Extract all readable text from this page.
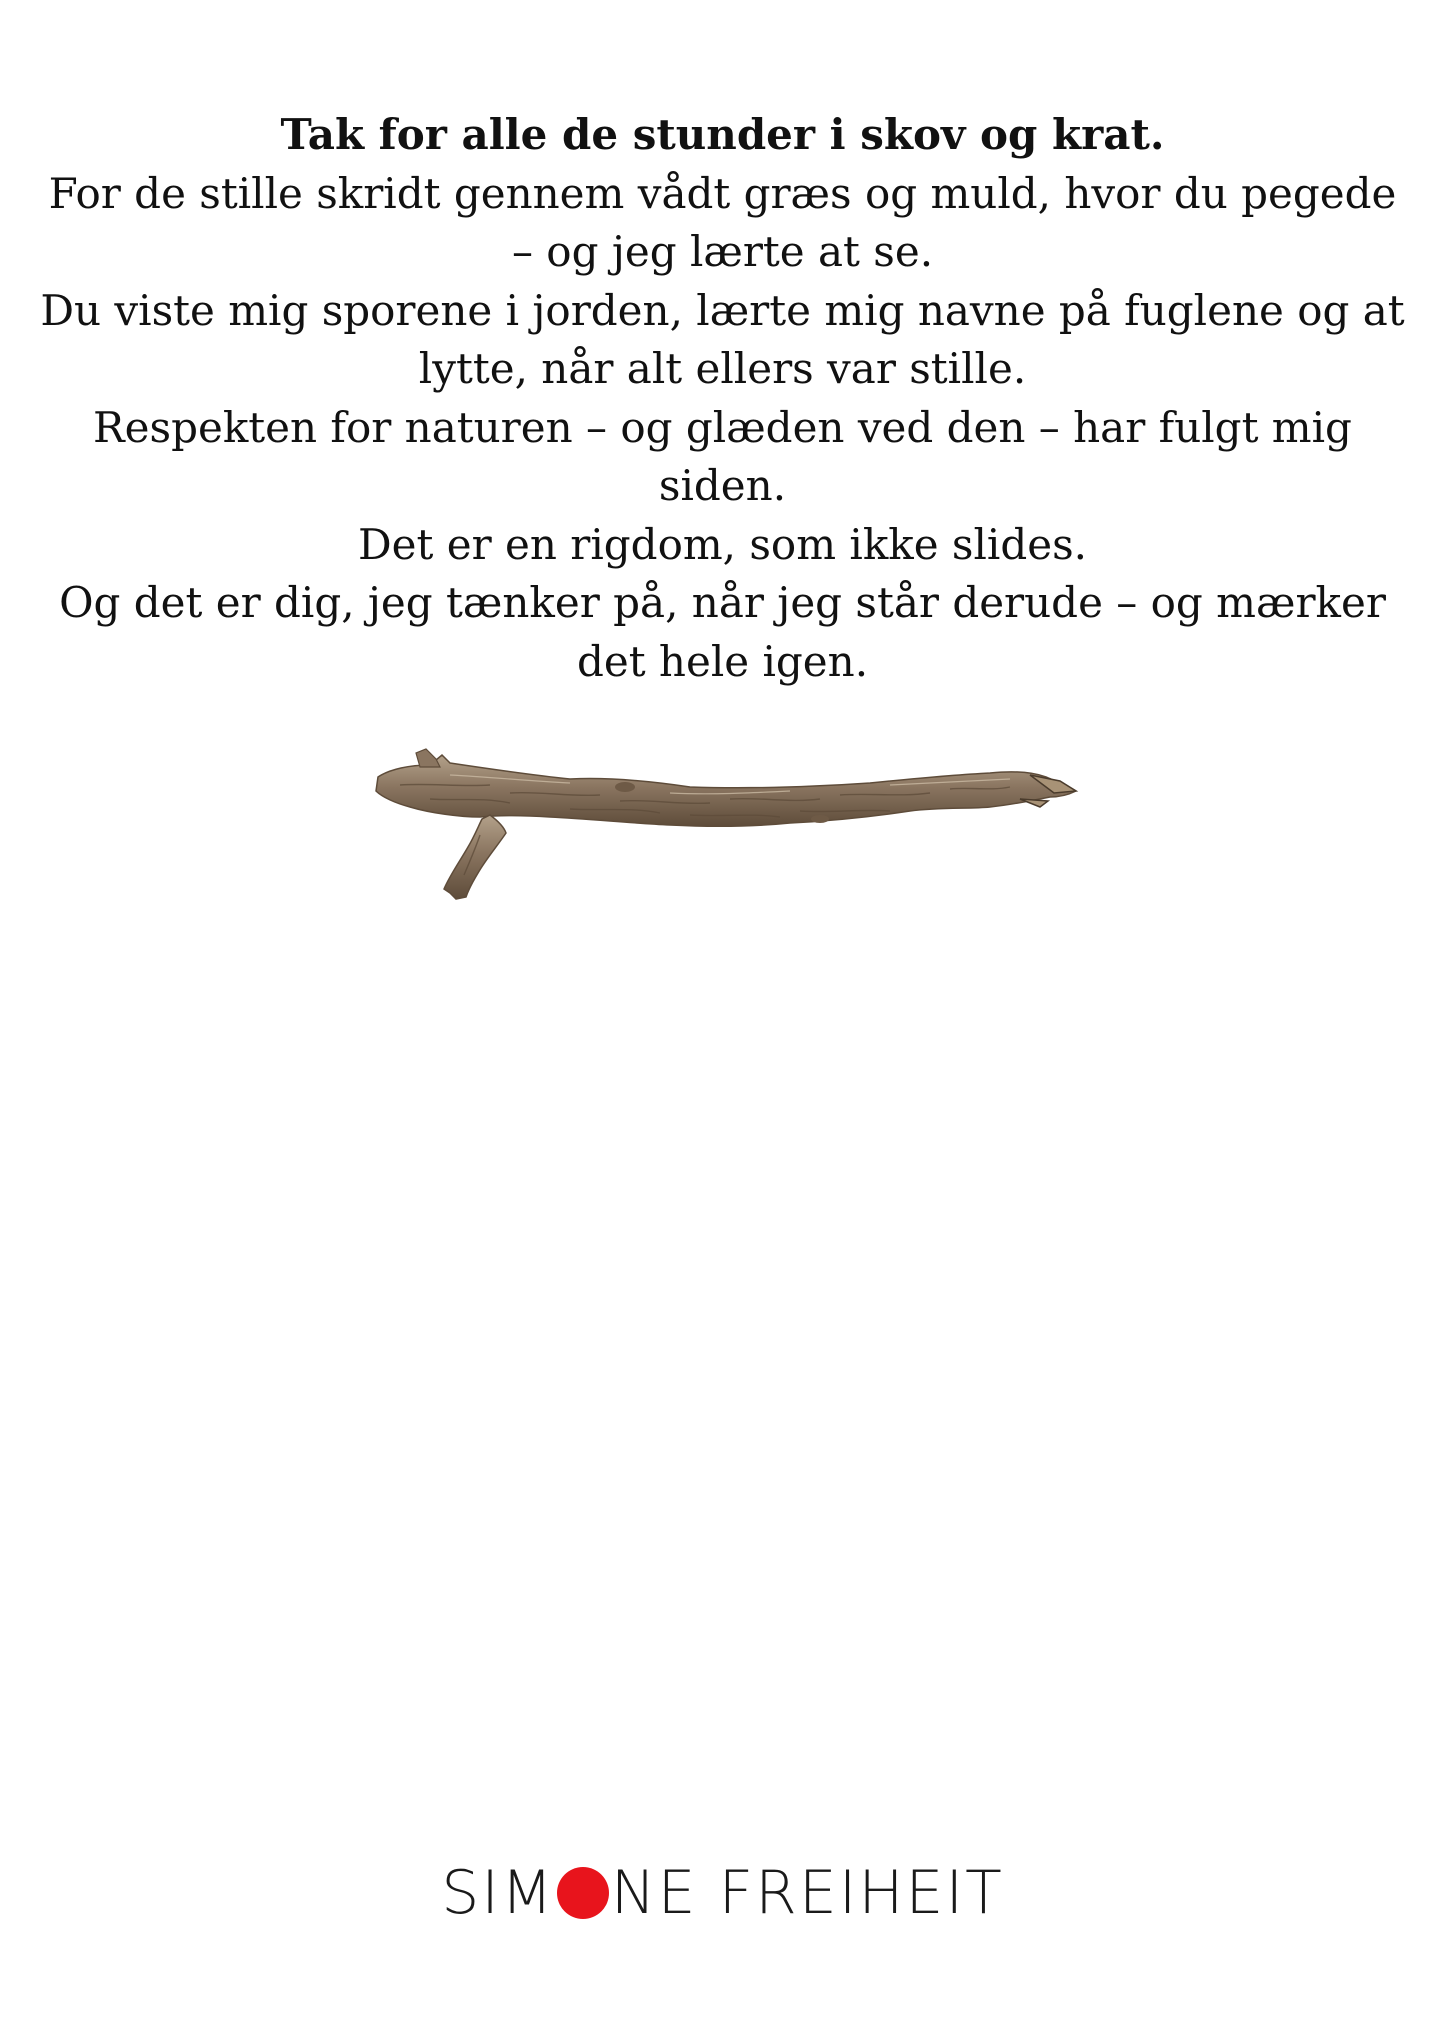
Tak for alle de stunder i skov og krat.

For de stille skridt gennem vådt græs og muld, hvor du pegede – og jeg lærte at se.

Du viste mig sporene i jorden, lærte mig navne på fuglene og at lytte, når alt ellers var stille.

Respekten for naturen – og glæden ved den – har fulgt mig siden.

Det er en rigdom, som ikke slides.

Og det er dig, jeg tænker på, når jeg står derude – og mærker det hele igen.

SIM NE FREIHEIT
